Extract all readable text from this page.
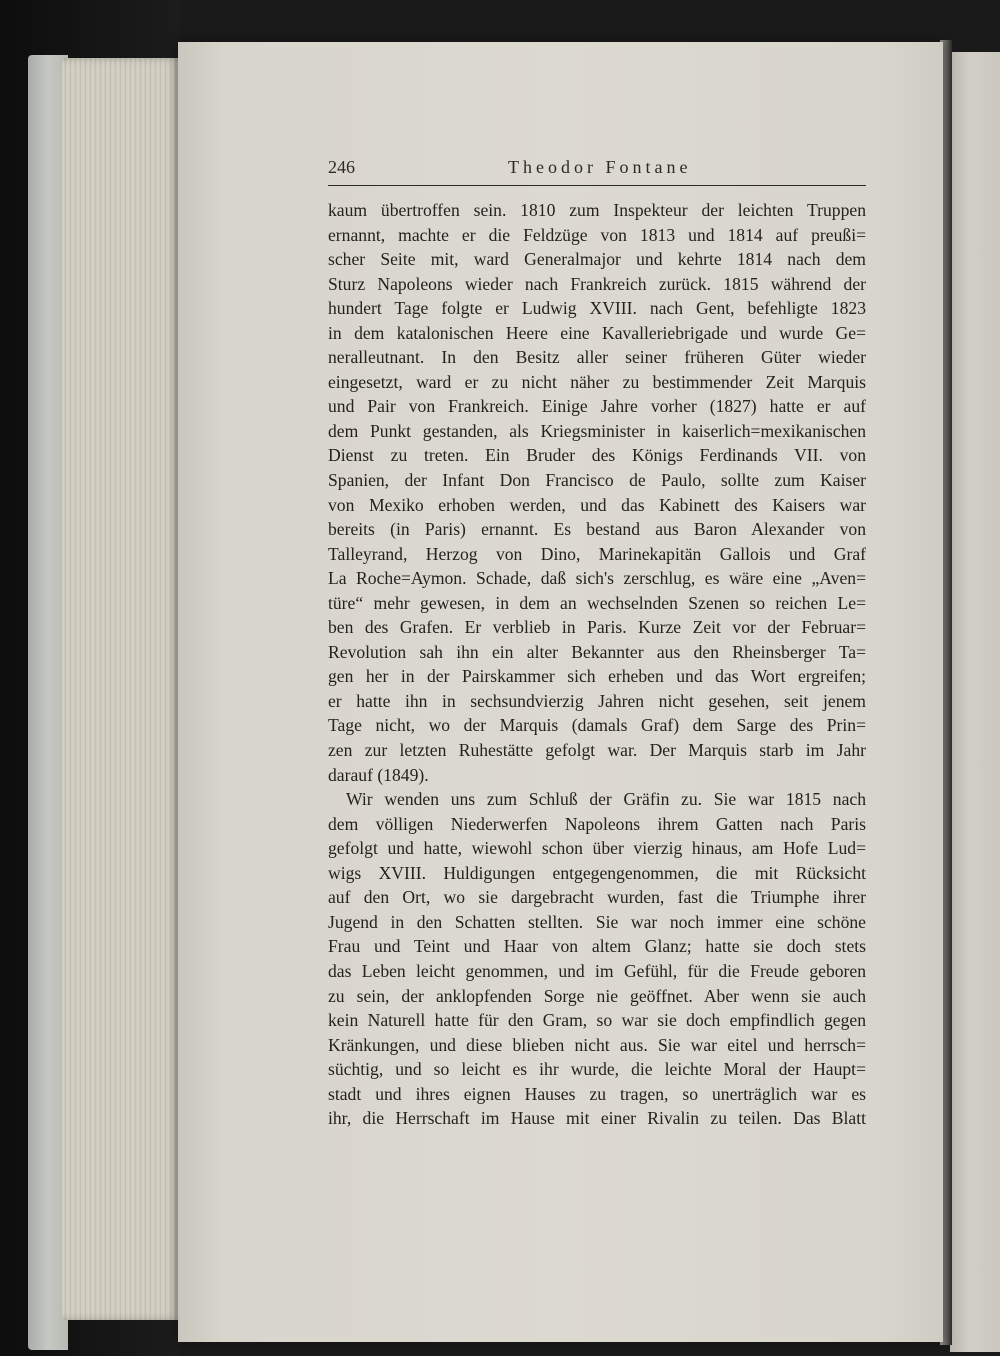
246	Theodor Fontane
kaum übertroffen sein. 1810 zum Inspekteur der leichten Truppen
ernannt, machte er die Feldzüge von 1813 und 1814 auf preußi=
scher Seite mit, ward Generalmajor und kehrte 1814 nach dem
Sturz Napoleons wieder nach Frankreich zurück. 1815 während der
hundert Tage folgte er Ludwig XVIII. nach Gent, befehligte 1823
in dem katalonischen Heere eine Kavalleriebrigade und wurde Ge=
neralleutnant. In den Besitz aller seiner früheren Güter wieder
eingesetzt, ward er zu nicht näher zu bestimmender Zeit Marquis
und Pair von Frankreich. Einige Jahre vorher (1827) hatte er auf
dem Punkt gestanden, als Kriegsminister in kaiserlich=mexikanischen
Dienst zu treten. Ein Bruder des Königs Ferdinands VII. von
Spanien, der Infant Don Francisco de Paulo, sollte zum Kaiser
von Mexiko erhoben werden, und das Kabinett des Kaisers war
bereits (in Paris) ernannt. Es bestand aus Baron Alexander von
Talleyrand, Herzog von Dino, Marinekapitän Gallois und Graf
La Roche=Aymon. Schade, daß sich's zerschlug, es wäre eine „Aven=
türe“ mehr gewesen, in dem an wechselnden Szenen so reichen Le=
ben des Grafen. Er verblieb in Paris. Kurze Zeit vor der Februar=
Revolution sah ihn ein alter Bekannter aus den Rheinsberger Ta=
gen her in der Pairskammer sich erheben und das Wort ergreifen;
er hatte ihn in sechsundvierzig Jahren nicht gesehen, seit jenem
Tage nicht, wo der Marquis (damals Graf) dem Sarge des Prin=
zen zur letzten Ruhestätte gefolgt war. Der Marquis starb im Jahr
darauf (1849).
Wir wenden uns zum Schluß der Gräfin zu. Sie war 1815 nach
dem völligen Niederwerfen Napoleons ihrem Gatten nach Paris
gefolgt und hatte, wiewohl schon über vierzig hinaus, am Hofe Lud=
wigs XVIII. Huldigungen entgegengenommen, die mit Rücksicht
auf den Ort, wo sie dargebracht wurden, fast die Triumphe ihrer
Jugend in den Schatten stellten. Sie war noch immer eine schöne
Frau und Teint und Haar von altem Glanz; hatte sie doch stets
das Leben leicht genommen, und im Gefühl, für die Freude geboren
zu sein, der anklopfenden Sorge nie geöffnet. Aber wenn sie auch
kein Naturell hatte für den Gram, so war sie doch empfindlich gegen
Kränkungen, und diese blieben nicht aus. Sie war eitel und herrsch=
süchtig, und so leicht es ihr wurde, die leichte Moral der Haupt=
stadt und ihres eignen Hauses zu tragen, so unerträglich war es
ihr, die Herrschaft im Hause mit einer Rivalin zu teilen. Das Blatt
